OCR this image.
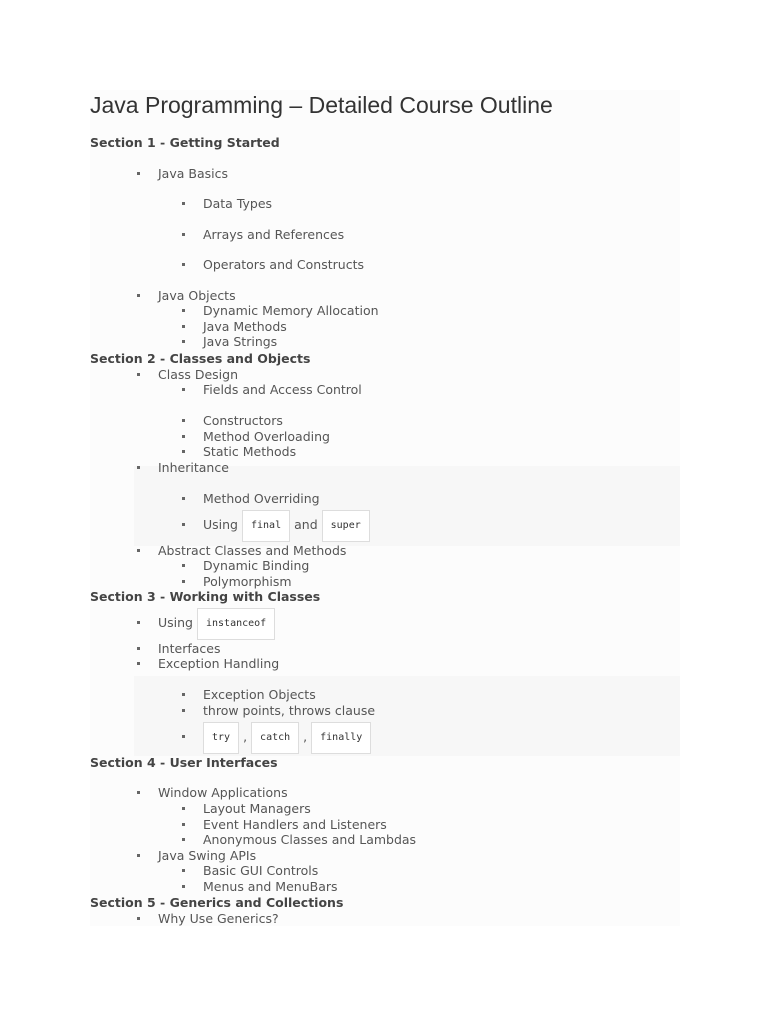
Java Programming – Detailed Course Outline
Section 1 - Getting Started
Java Basics
Data Types
Arrays and References
Operators and Constructs
Java Objects
Dynamic Memory Allocation
Java Methods
Java Strings
Section 2 - Classes and Objects
Class Design
Fields and Access Control
Constructors
Method Overloading
Static Methods
Inheritance
Method Overriding
Using final and super
Abstract Classes and Methods
Dynamic Binding
Polymorphism
Section 3 - Working with Classes
Using instanceof
Interfaces
Exception Handling
Exception Objects
throw points, throws clause
try , catch , finally
Section 4 - User Interfaces
Window Applications
Layout Managers
Event Handlers and Listeners
Anonymous Classes and Lambdas
Java Swing APIs
Basic GUI Controls
Menus and MenuBars
Section 5 - Generics and Collections
Why Use Generics?
